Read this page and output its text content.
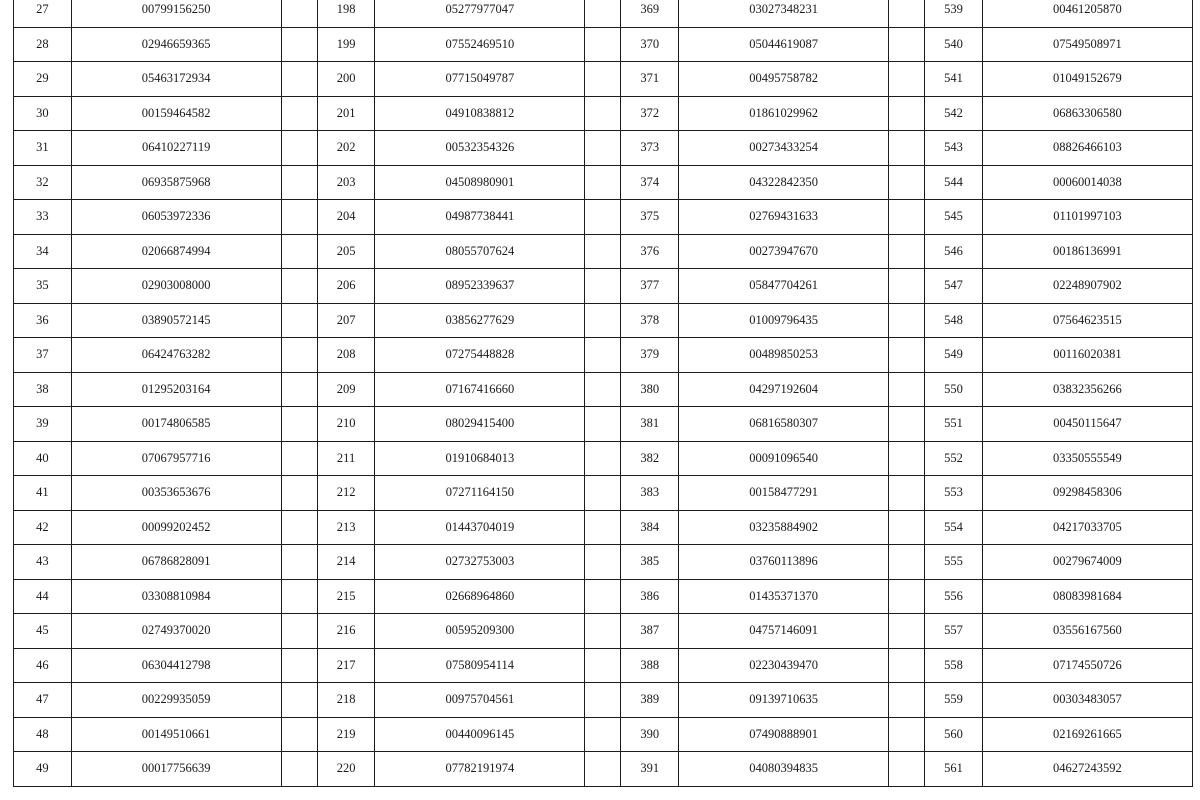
27	00799156250		198	05277977047		369	03027348231		539	00461205870
28	02946659365		199	07552469510		370	05044619087		540	07549508971
29	05463172934		200	07715049787		371	00495758782		541	01049152679
30	00159464582		201	04910838812		372	01861029962		542	06863306580
31	06410227119		202	00532354326		373	00273433254		543	08826466103
32	06935875968		203	04508980901		374	04322842350		544	00060014038
33	06053972336		204	04987738441		375	02769431633		545	01101997103
34	02066874994		205	08055707624		376	00273947670		546	00186136991
35	02903008000		206	08952339637		377	05847704261		547	02248907902
36	03890572145		207	03856277629		378	01009796435		548	07564623515
37	06424763282		208	07275448828		379	00489850253		549	00116020381
38	01295203164		209	07167416660		380	04297192604		550	03832356266
39	00174806585		210	08029415400		381	06816580307		551	00450115647
40	07067957716		211	01910684013		382	00091096540		552	03350555549
41	00353653676		212	07271164150		383	00158477291		553	09298458306
42	00099202452		213	01443704019		384	03235884902		554	04217033705
43	06786828091		214	02732753003		385	03760113896		555	00279674009
44	03308810984		215	02668964860		386	01435371370		556	08083981684
45	02749370020		216	00595209300		387	04757146091		557	03556167560
46	06304412798		217	07580954114		388	02230439470		558	07174550726
47	00229935059		218	00975704561		389	09139710635		559	00303483057
48	00149510661		219	00440096145		390	07490888901		560	02169261665
49	00017756639		220	07782191974		391	04080394835		561	04627243592
